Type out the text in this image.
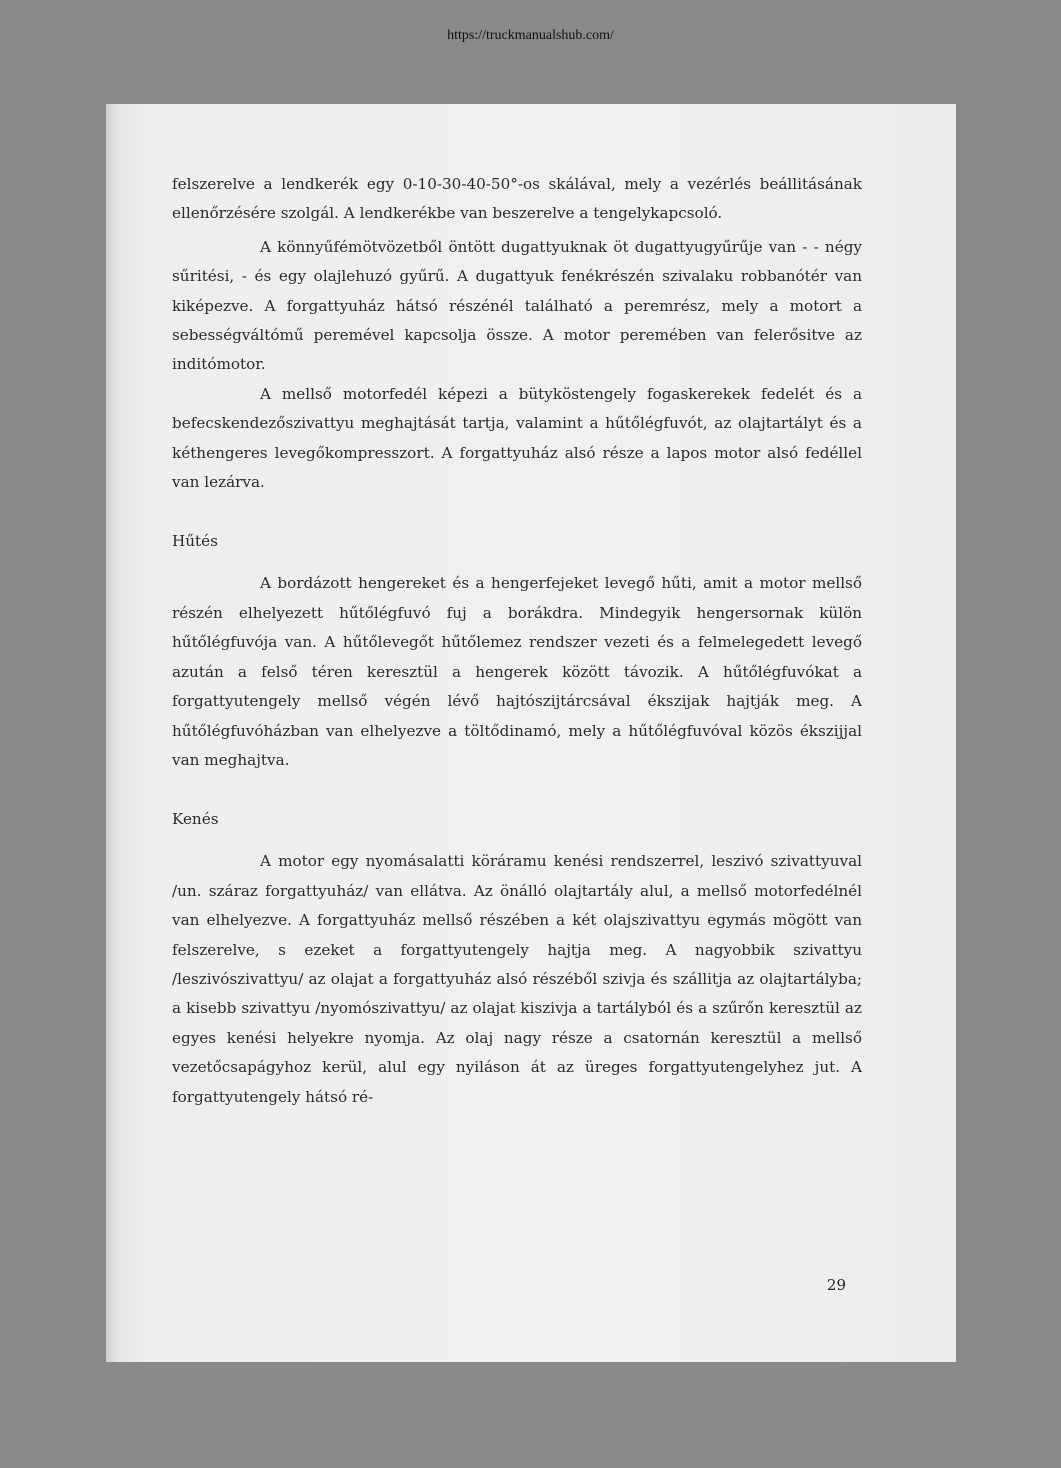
https://truckmanualshub.com/

felszerelve a lendkerék egy 0-10-30-40-50°-os skálával, mely a vezérlés beállitásának ellenőrzésére szolgál. A lendkerékbe van beszerelve a tengelykapcsoló.

A könnyűfémötvözetből öntött dugattyuknak öt dugattyugyűrűje van - - négy sűritési, - és egy olajlehuzó gyűrű. A dugattyuk fenékrészén szivalaku robbanótér van kiképezve. A forgattyuház hátsó részénél található a peremrész, mely a motort a sebességváltómű peremével kapcsolja össze. A motor peremében van felerősitve az inditómotor.

A mellső motorfedél képezi a bütyköstengely fogaskerekek fedelét és a befecskendezőszivattyu meghajtását tartja, valamint a hűtőlégfuvót, az olajtartályt és a kéthengeres levegőkompresszort. A forgattyuház alsó része a lapos motor alsó fedéllel van lezárva.

Hűtés

A bordázott hengereket és a hengerfejeket levegő hűti, amit a motor mellső részén elhelyezett hűtőlégfuvó fuj a borákdra. Mindegyik hengersornak külön hűtőlégfuvója van. A hűtőlevegőt hűtőlemez rendszer vezeti és a felmelegedett levegő azután a felső téren keresztül a hengerek között távozik. A hűtőlégfuvókat a forgattyutengely mellső végén lévő hajtószijtárcsával ékszijak hajtják meg. A hűtőlégfuvóházban van elhelyezve a töltődinamó, mely a hűtőlégfuvóval közös ékszijjal van meghajtva.

Kenés

A motor egy nyomásalatti köráramu kenési rendszerrel, leszivó szivattyuval /un. száraz forgattyuház/ van ellátva. Az önálló olajtartály alul, a mellső motorfedélnél van elhelyezve. A forgattyuház mellső részében a két olajszivattyu egymás mögött van felszerelve, s ezeket a forgattyutengely hajtja meg. A nagyobbik szivattyu /leszivószivattyu/ az olajat a forgattyuház alsó részéből szivja és szállitja az olajtartályba; a kisebb szivattyu /nyomószivattyu/ az olajat kiszivja a tartályból és a szűrőn keresztül az egyes kenési helyekre nyomja. Az olaj nagy része a csatornán keresztül a mellső vezetőcsapágyhoz kerül, alul egy nyiláson át az üreges forgattyutengelyhez jut. A forgattyutengely hátsó ré-

29
